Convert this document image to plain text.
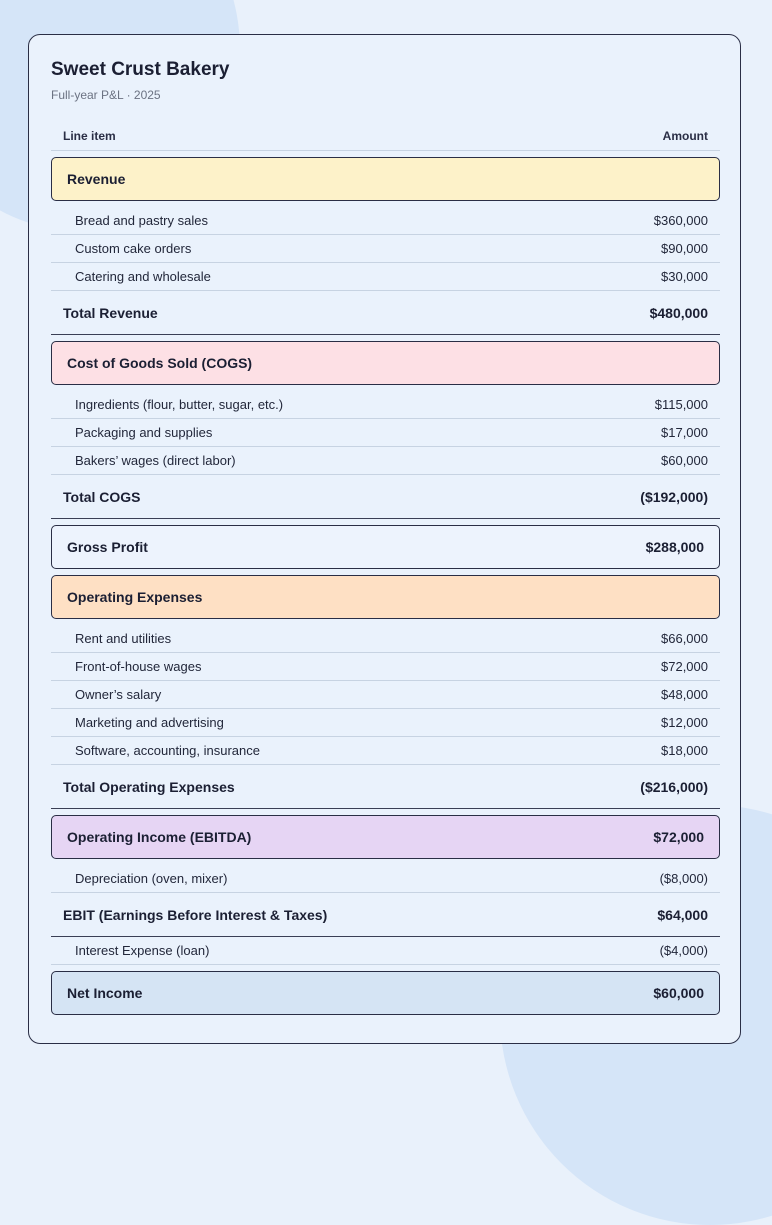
Sweet Crust Bakery
Full-year P&L · 2025
Line item	Amount
Revenue
Bread and pastry sales	$360,000
Custom cake orders	$90,000
Catering and wholesale	$30,000
Total Revenue	$480,000
Cost of Goods Sold (COGS)
Ingredients (flour, butter, sugar, etc.)	$115,000
Packaging and supplies	$17,000
Bakers’ wages (direct labor)	$60,000
Total COGS	($192,000)
Gross Profit	$288,000
Operating Expenses
Rent and utilities	$66,000
Front-of-house wages	$72,000
Owner’s salary	$48,000
Marketing and advertising	$12,000
Software, accounting, insurance	$18,000
Total Operating Expenses	($216,000)
Operating Income (EBITDA)	$72,000
Depreciation (oven, mixer)	($8,000)
EBIT (Earnings Before Interest & Taxes)	$64,000
Interest Expense (loan)	($4,000)
Net Income	$60,000
